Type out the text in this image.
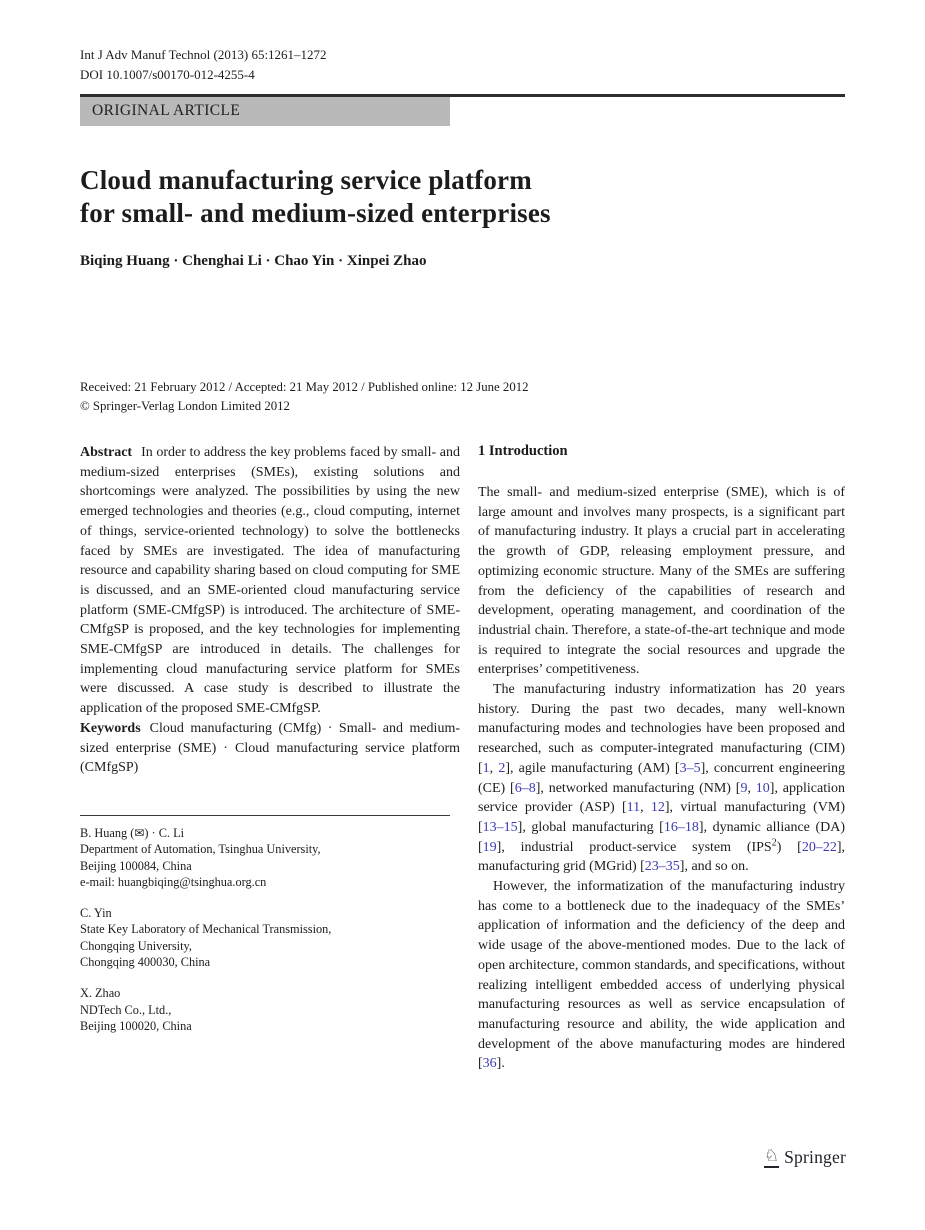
Int J Adv Manuf Technol (2013) 65:1261–1272
DOI 10.1007/s00170-012-4255-4
ORIGINAL ARTICLE
Cloud manufacturing service platform
for small- and medium-sized enterprises
Biqing Huang · Chenghai Li · Chao Yin · Xinpei Zhao
Received: 21 February 2012 / Accepted: 21 May 2012 / Published online: 12 June 2012
© Springer-Verlag London Limited 2012

Abstract In order to address the key problems faced by small- and medium-sized enterprises (SMEs), existing solutions and shortcomings were analyzed. The possibilities by using the new emerged technologies and theories (e.g., cloud computing, internet of things, service-oriented technology) to solve the bottlenecks faced by SMEs are investigated. The idea of manufacturing resource and capability sharing based on cloud computing for SME is discussed, and an SME-oriented cloud manufacturing service platform (SME-CMfgSP) is introduced. The architecture of SME-CMfgSP is proposed, and the key technologies for implementing SME-CMfgSP are introduced in details. The challenges for implementing cloud manufacturing service platform for SMEs were discussed. A case study is described to illustrate the application of the proposed SME-CMfgSP.

Keywords Cloud manufacturing (CMfg) · Small- and medium-sized enterprise (SME) · Cloud manufacturing service platform (CMfgSP)

B. Huang (✉) · C. Li
Department of Automation, Tsinghua University,
Beijing 100084, China
e-mail: huangbiqing@tsinghua.org.cn
C. Yin
State Key Laboratory of Mechanical Transmission,
Chongqing University,
Chongqing 400030, China
X. Zhao
NDTech Co., Ltd.,
Beijing 100020, China
1 Introduction

The small- and medium-sized enterprise (SME), which is of large amount and involves many prospects, is a significant part of manufacturing industry. It plays a crucial part in accelerating the growth of GDP, releasing employment pressure, and optimizing economic structure. Many of the SMEs are suffering from the deficiency of the capabilities of research and development, operating management, and coordination of the industrial chain. Therefore, a state-of-the-art technique and mode is required to integrate the social resources and upgrade the enterprises’ competitiveness.

The manufacturing industry informatization has 20 years history. During the past two decades, many well-known manufacturing modes and technologies have been proposed and researched, such as computer-integrated manufacturing (CIM) [1, 2], agile manufacturing (AM) [3–5], concurrent engineering (CE) [6–8], networked manufacturing (NM) [9, 10], application service provider (ASP) [11, 12], virtual manufacturing (VM) [13–15], global manufacturing [16–18], dynamic alliance (DA) [19], industrial product-service system (IPS$^2$) [20–22], manufacturing grid (MGrid) [23–35], and so on.

However, the informatization of the manufacturing industry has come to a bottleneck due to the inadequacy of the SMEs’ application of information and the deficiency of the deep and wide usage of the above-mentioned modes. Due to the lack of open architecture, common standards, and specifications, without realizing intelligent embedded access of underlying physical manufacturing resources as well as service encapsulation of manufacturing resource and ability, the wide application and development of the above manufacturing modes are hindered [36].

♘ Springer
